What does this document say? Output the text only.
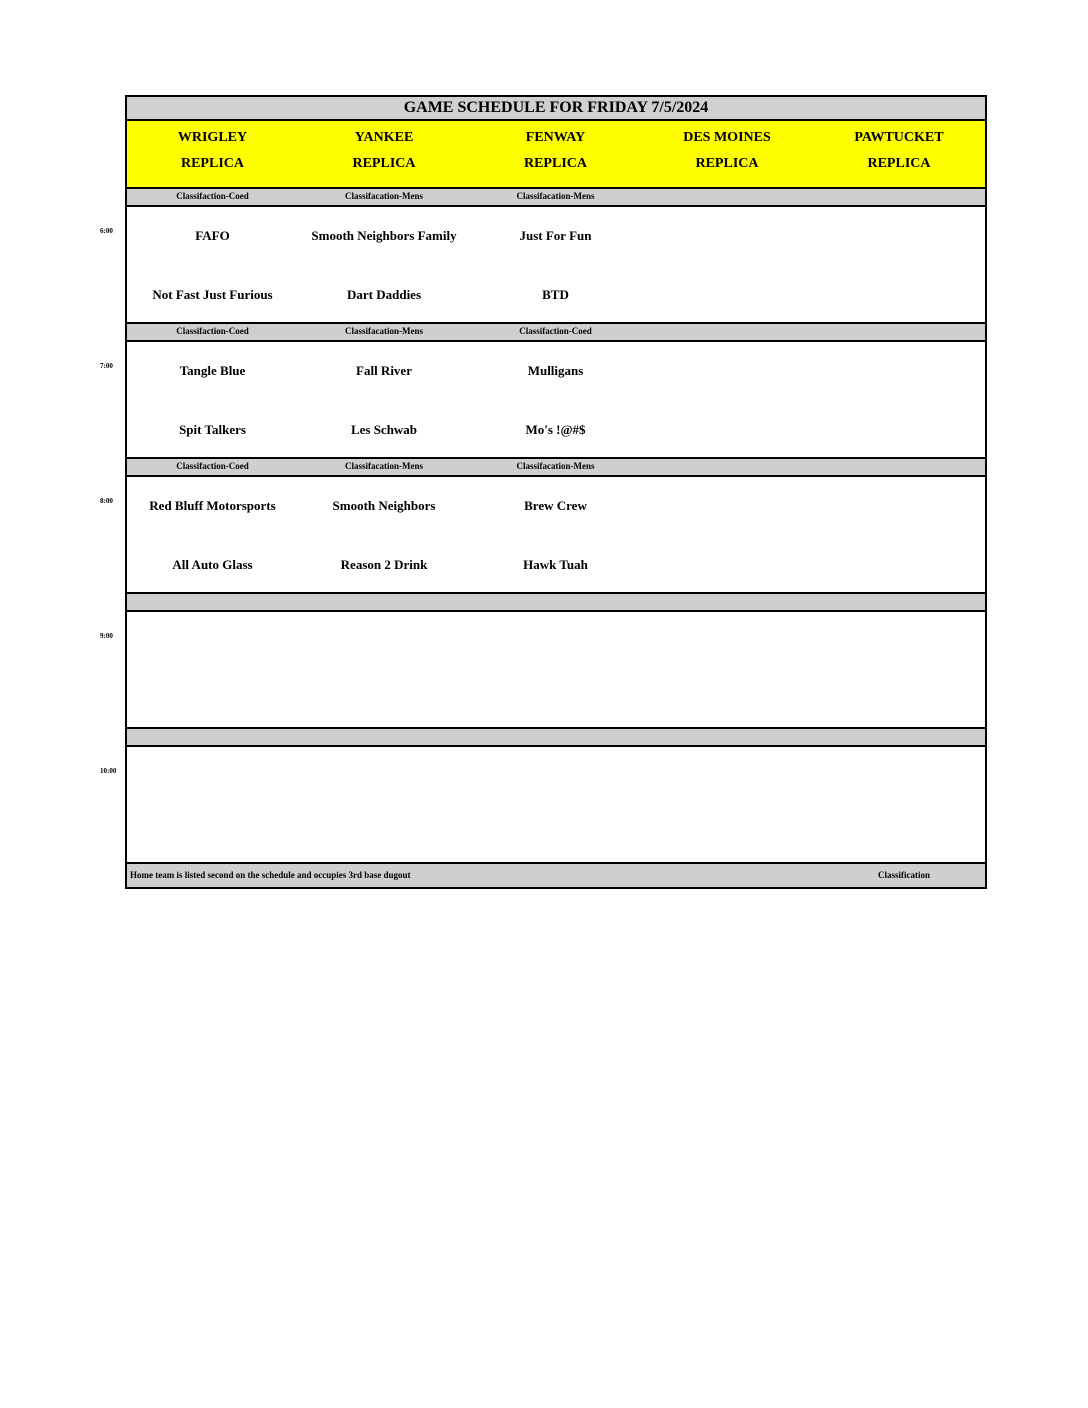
6:00
7:00
8:00
9:00
10:00
GAME SCHEDULE FOR FRIDAY 7/5/2024
WRIGLEY
REPLICA
YANKEE
REPLICA
FENWAY
REPLICA
DES MOINES
REPLICA
PAWTUCKET
REPLICA
Classifaction-Coed
FAFO
Not Fast Just Furious
Classifacation-Mens
Smooth Neighbors Family
Dart Daddies
Classifacation-Mens
Just For Fun
BTD
Classifaction-Coed
Tangle Blue
Spit Talkers
Classifacation-Mens
Fall River
Les Schwab
Classifaction-Coed
Mulligans
Mo's !@#$
Classifaction-Coed
Red Bluff Motorsports
All Auto Glass
Classifacation-Mens
Smooth Neighbors
Reason 2 Drink
Classifacation-Mens
Brew Crew
Hawk Tuah
Home team is listed second on the schedule and occupies 3rd base dugout	Classification
